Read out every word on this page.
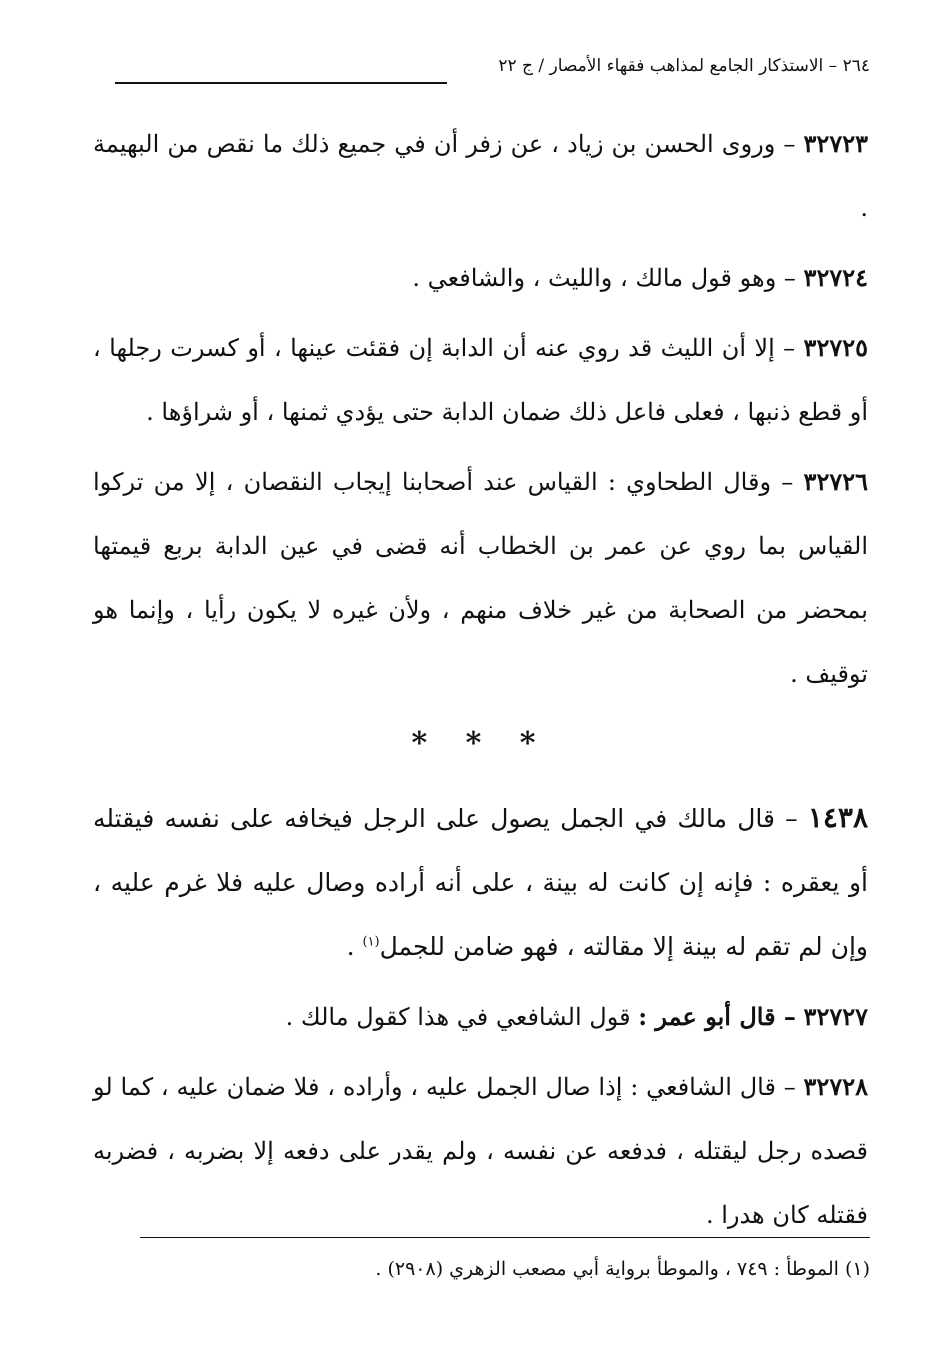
٢٦٤ – الاستذكار الجامع لمذاهب فقهاء الأمصار / ج ٢٢

٣٢٧٢٣ – وروى الحسن بن زياد ، عن زفر أن في جميع ذلك ما نقص من البهيمة .

٣٢٧٢٤ – وهو قول مالك ، والليث ، والشافعي .

٣٢٧٢٥ – إلا أن الليث قد روي عنه أن الدابة إن فقئت عينها ، أو كسرت رجلها ، أو قطع ذنبها ، فعلى فاعل ذلك ضمان الدابة حتى يؤدي ثمنها ، أو شراؤها .

٣٢٧٢٦ – وقال الطحاوي : القياس عند أصحابنا إيجاب النقصان ، إلا من تركوا القياس بما روي عن عمر بن الخطاب أنه قضى في عين الدابة بربع قيمتها بمحضر من الصحابة من غير خلاف منهم ، ولأن غيره لا يكون رأيا ، وإنما هو توقيف .

* * *

١٤٣٨ – قال مالك في الجمل يصول على الرجل فيخافه على نفسه فيقتله أو يعقره : فإنه إن كانت له بينة ، على أنه أراده وصال عليه فلا غرم عليه ، وإن لم تقم له بينة إلا مقالته ، فهو ضامن للجمل$^{(١)}$ .

٣٢٧٢٧ – قال أبو عمر : قول الشافعي في هذا كقول مالك .

٣٢٧٢٨ – قال الشافعي : إذا صال الجمل عليه ، وأراده ، فلا ضمان عليه ، كما لو قصده رجل ليقتله ، فدفعه عن نفسه ، ولم يقدر على دفعه إلا بضربه ، فضربه فقتله كان هدرا .

(١) الموطأ : ٧٤٩ ، والموطأ برواية أبي مصعب الزهري (٢٩٠٨) .
